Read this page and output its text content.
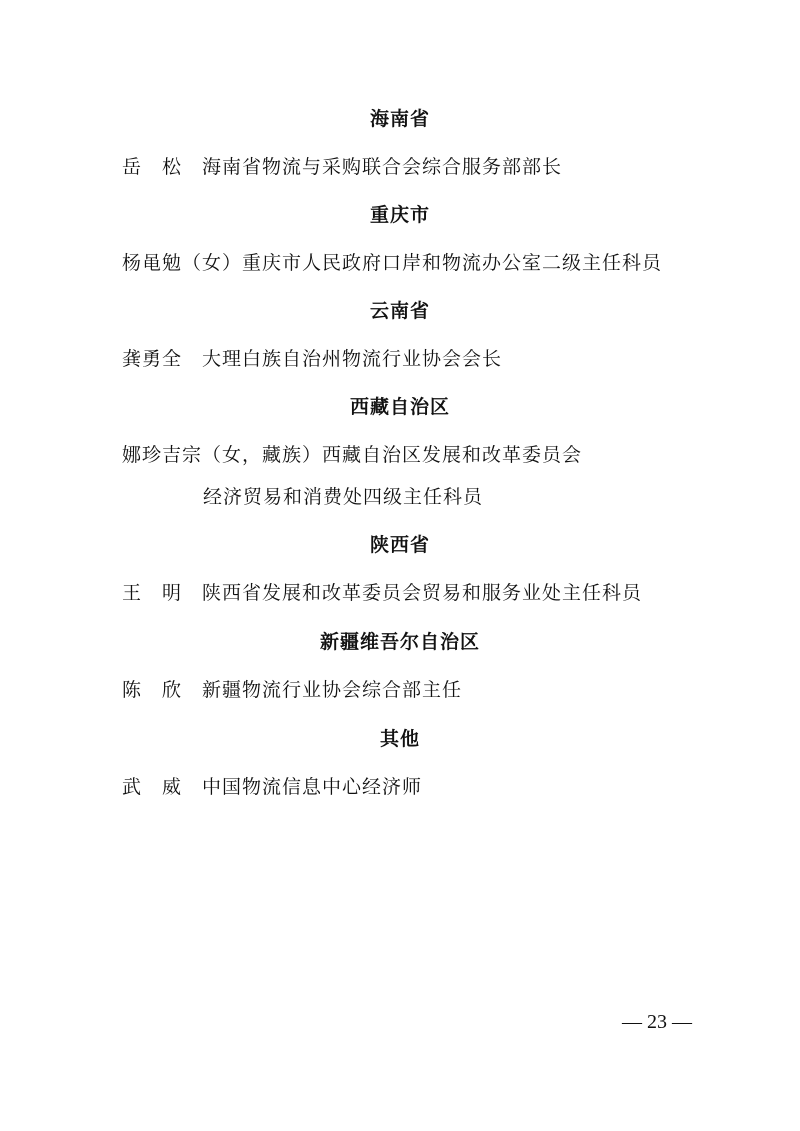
海南省
岳　松 海南省物流与采购联合会综合服务部部长
重庆市
杨黾勉（女）重庆市人民政府口岸和物流办公室二级主任科员
云南省
龚勇全 大理白族自治州物流行业协会会长
西藏自治区
娜珍吉宗（女，藏族）西藏自治区发展和改革委员会
经济贸易和消费处四级主任科员
陕西省
王　明 陕西省发展和改革委员会贸易和服务业处主任科员
新疆维吾尔自治区
陈　欣 新疆物流行业协会综合部主任
其他
武　威 中国物流信息中心经济师
— 23 —
